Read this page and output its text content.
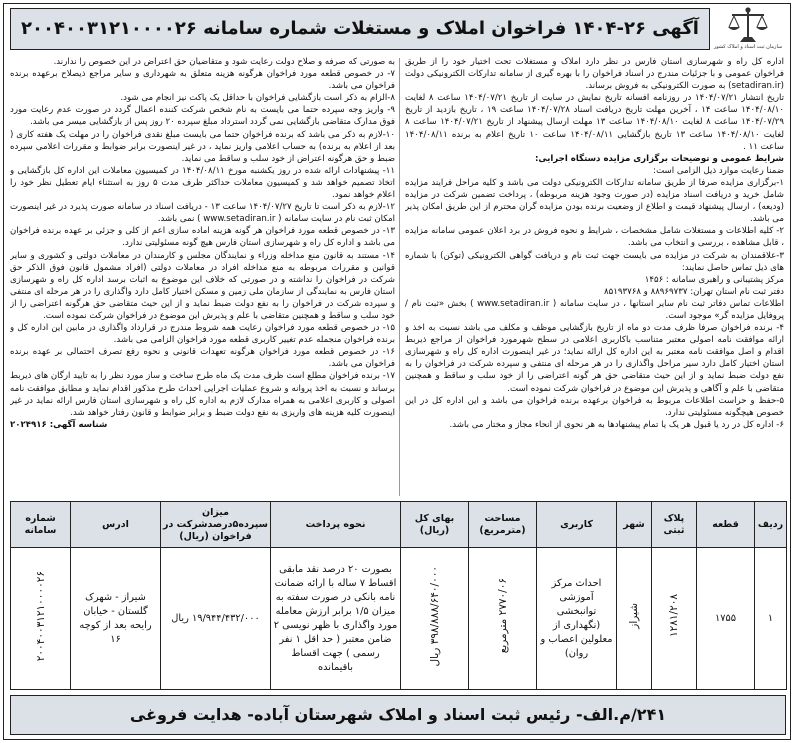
آگهی ۲۶-۱۴۰۴ فراخوان املاک و مستغلات شماره سامانه ۲۰۰۴۰۰۳۱۲۱۰۰۰۰۲۶
سازمان ثبت اسناد و املاک کشور

اداره کل راه و شهرسازی استان فارس در نظر دارد املاک و مستغلات تحت اختیار خود را از طریق فراخوان عمومی و با جزئیات مندرج در اسناد فراخوان را با بهره گیری از سامانه تدارکات الکترونیکی دولت (setadiran.ir) به صورت الکترونیکی به فروش برساند.

تاریخ انتشار ۱۴۰۴/۰۷/۲۱ در روزنامه افسانه تاریخ نمایش در سایت از تاریخ ۱۴۰۴/۰۷/۲۱ ساعت ۸ لغایت ۱۴۰۴/۰۸/۱۰ ساعت ۱۴ ، آخرین مهلت تاریخ دریافت اسناد ۱۴۰۴/۰۷/۲۸ ساعت ۱۹ ، تاریخ بازدید از تاریخ ۱۴۰۴/۰۷/۲۹ ساعت ۸ لغایت ۱۴۰۴/۰۸/۱۰ ساعت ۱۳ مهلت ارسال پیشنهاد از تاریخ ۱۴۰۴/۰۷/۲۱ ساعت ۸ لغایت ۱۴۰۴/۰۸/۱۰ ساعت ۱۳ تاریخ بازگشایی ۱۴۰۴/۰۸/۱۱ ساعت ۱۰ تاریخ اعلام به برنده ۱۴۰۴/۰۸/۱۱ ساعت ۱۱ .

شرایط عمومی و توضیحات برگزاری مزایده دستگاه اجرایی:

ضمنا رعایت موارد ذیل الزامی است:

۱-برگزاری مزایده صرفا از طریق سامانه تدارکات الکترونیکی دولت می باشد و کلیه مراحل فرایند مزایده شامل خرید و دریافت اسناد مزایده (در صورت وجود هزینه مربوطه) ، پرداخت تضمین شرکت در مزایده (ودیعه) ، ارسال پیشنهاد قیمت و اطلاع از وضعیت برنده بودن مزایده گران محترم از این طریق امکان پذیر می باشد.

۲- کلیه اطلاعات و مستغلات شامل مشخصات ، شرایط و نحوه فروش در برد اعلان عمومی سامانه مزایده ، قابل مشاهده ، بررسی و انتخاب می باشد.

۳-علاقمندان به شرکت در مزایده می بایست جهت ثبت نام و دریافت گواهی الکترونیکی (توکن) با شماره های ذیل تماس حاصل نمایند:

مرکز پشتیبانی و راهبری سامانه : ۱۴۵۶

دفتر ثبت نام استان تهران: ۸۸۹۶۹۷۳۷ و ۸۵۱۹۳۷۶۸

اطلاعات تماس دفاتر ثبت نام سایر استانها ، در سایت سامانه ( www.setadiran.ir ) بخش «ثبت نام / پروفایل مزایده گر» موجود است.

۴- برنده فراخوان صرفا ظرف مدت دو ماه از تاریخ بازگشایی موظف و مکلف می باشد نسبت به اخذ و ارائه موافقت نامه اصولی معتبر متناسب باکاربری اعلامی در سطح شهرمورد فراخوان از مراجع ذیربط اقدام و اصل موافقت نامه معتبر به این اداره کل ارائه نماید؛ در غیر اینصورت اداره کل راه و شهرسازی استان اختیار کامل دارد سیر مراحل واگذاری را در هر مرحله ای منتفی و سپرده شرکت در فراخوان را به نفع دولت ضبط نماید و از این حیث متقاضی حق هر گونه اعتراضی را از خود سلب و ساقط و همچنین متقاضی با علم و آگاهی و پذیرش این موضوع در فراخوان شرکت نموده است.

۵-حفظ و حراست اطلاعات مربوط به فراخوان برعهده برنده فراخوان می باشد و این اداره کل در این خصوص هیچگونه مسئولیتی ندارد.

۶- اداره کل در رد یا قبول هر یک یا تمام پیشنهادها به هر نحوی از انحاء مجاز و مختار می باشد.

به صورتی که صرفه و صلاح دولت رعایت شود و متقاضیان حق اعتراض در این خصوص را ندارند.

۷- در خصوص قطعه مورد فراخوان هرگونه هزینه متعلق به شهرداری و سایر مراجع ذیصلاح برعهده برنده فراخوان می باشد.

۸-الزام به ذکر است بازگشایی فراخوان با حداقل یک پاکت نیز انجام می شود.

۹- واریز وجه سپرده حتما می بایست به نام شخص شرکت کننده اعمال گردد در صورت عدم رعایت مورد فوق مدارک متقاضی بازگشایی نمی گردد استرداد مبلغ سپرده ۲۰ روز پس از بازگشایی میسر می باشد.

۱۰-لازم به ذکر می باشد که برنده فراخوان حتما می بایست مبلغ نقدی فراخوان را در مهلت یک هفته کاری ( بعد از اعلام به برنده) به حساب اعلامی واریز نماید ، در غیر اینصورت برابر ضوابط و مقررات اعلامی سپرده ضبط و حق هرگونه اعتراض از خود سلب و ساقط می نماید.

۱۱- پیشنهادات ارائه شده در روز یکشنبه مورخ ۱۴۰۴/۰۸/۱۱ در کمیسیون معاملات این اداره کل بازگشایی و اتخاذ تصمیم خواهد شد و کمیسیون معاملات حداکثر ظرف مدت ۵ روز به استثناء ایام تعطیل نظر خود را اعلام خواهد نمود.

۱۲-لازم به ذکر است تا تاریخ ۱۴۰۴/۰۷/۲۷ ساعت ۱۳ - دریافت اسناد در سامانه صورت پذیرد در غیر اینصورت امکان ثبت نام در سایت سامانه ( www.setadiran.ir ) نمی باشد.

۱۳- در خصوص قطعه مورد فراخوان هر گونه هزینه اماده سازی اعم از کلی و جزئی بر عهده برنده فراخوان می باشد و اداره کل راه و شهرسازی استان فارس هیچ گونه مسئولیتی ندارد.

۱۴- مستند به قانون منع مداخله وزراء و نمایندگان مجلس و کارمندان در معاملات دولتی و کشوری و سایر قوانین و مقررات مربوطه به منع مداخله افراد در معاملات دولتی (افراد مشمول قانون فوق الذکر حق شرکت در فراخوان را نداشته و در صورتی که خلاف این موضوع به اثبات برسد اداره کل راه و شهرسازی استان فارس به نمایندگی از سازمان ملی زمین و مسکن اختیار کامل دارد واگذاری را در هر مرحله ای منتفی و سپرده شرکت در فراخوان را به نفع دولت ضبط نماید و از این حیث متقاضی حق هرگونه اعتراضی را از خود سلب و ساقط و همچنین متقاضی با علم و پذیرش این موضوع در فراخوان شرکت نموده است.

۱۵- در خصوص قطعه مورد فراخوان رعایت همه شروط مندرج در قرارداد واگذاری در مابین این اداره کل و برنده فراخوان منجمله عدم تغییر کاربری قطعه مورد فراخوان الزامی می باشد.

۱۶- در خصوص قطعه مورد فراخوان هرگونه تعهدات قانونی و نحوه رفع تصرف احتمالی بر عهده برنده فراخوان می باشد.

۱۷- برنده فراخوان مطلع است ظرف مدت یک ماه طرح ساخت و ساز مورد نظر را به تایید ارگان های ذیربط برساند و نسبت به اخذ پروانه و شروع عملیات اجرایی احداث طرح مذکور اقدام نماید و مطابق موافقت نامه اصولی و کاربری اعلامی به همراه مدارک لازم به اداره کل راه و شهرسازی استان فارس ارائه نماید در غیر اینصورت کلیه هزینه های واریزی به نفع دولت ضبط و برابر ضوابط و قانون رفتار خواهد شد.

شناسه آگهی: ۲۰۲۴۹۱۶

ردیف	قطعه	پلاک ثبتی	شهر	کاربری	مساحت (مترمربع)	بهای کل (ریال)	نحوه پرداخت	میزان سپرده۵درصدشرکت در فراخوان (ریال)	ادرس	شماره سامانه
۱	۱۷۵۵	۱۲۸۱/۲۰۸	شیراز	احداث مرکز آموزشی توانبخشی (نگهداری از معلولین اعصاب و روان)	۲۷۷۰/۰۶ مترمربع	۳۹۸/۸۸۸/۶۴۰/۰۰۰ ریال	بصورت ۲۰ درصد نقد مابقی اقساط ۷ ساله با ارائه ضمانت نامه بانکی در صورت سفته به میزان ۱/۵ برابر ارزش معامله مورد واگذاری با ظهر نویسی ۲ ضامن معتبر ( حد اقل ۱ نفر رسمی ) جهت اقساط باقیمانده	۱۹/۹۴۴/۴۳۲/۰۰۰ ریال	شیراز - شهرک گلستان - خیابان رایحه بعد از کوچه ۱۶	۲۰۰۴۰۰۳۱۲۱۰۰۰۰۲۶
۲۴۱/م.الف- رئیس ثبت اسناد و املاک شهرستان آباده- هدایت فروغی
